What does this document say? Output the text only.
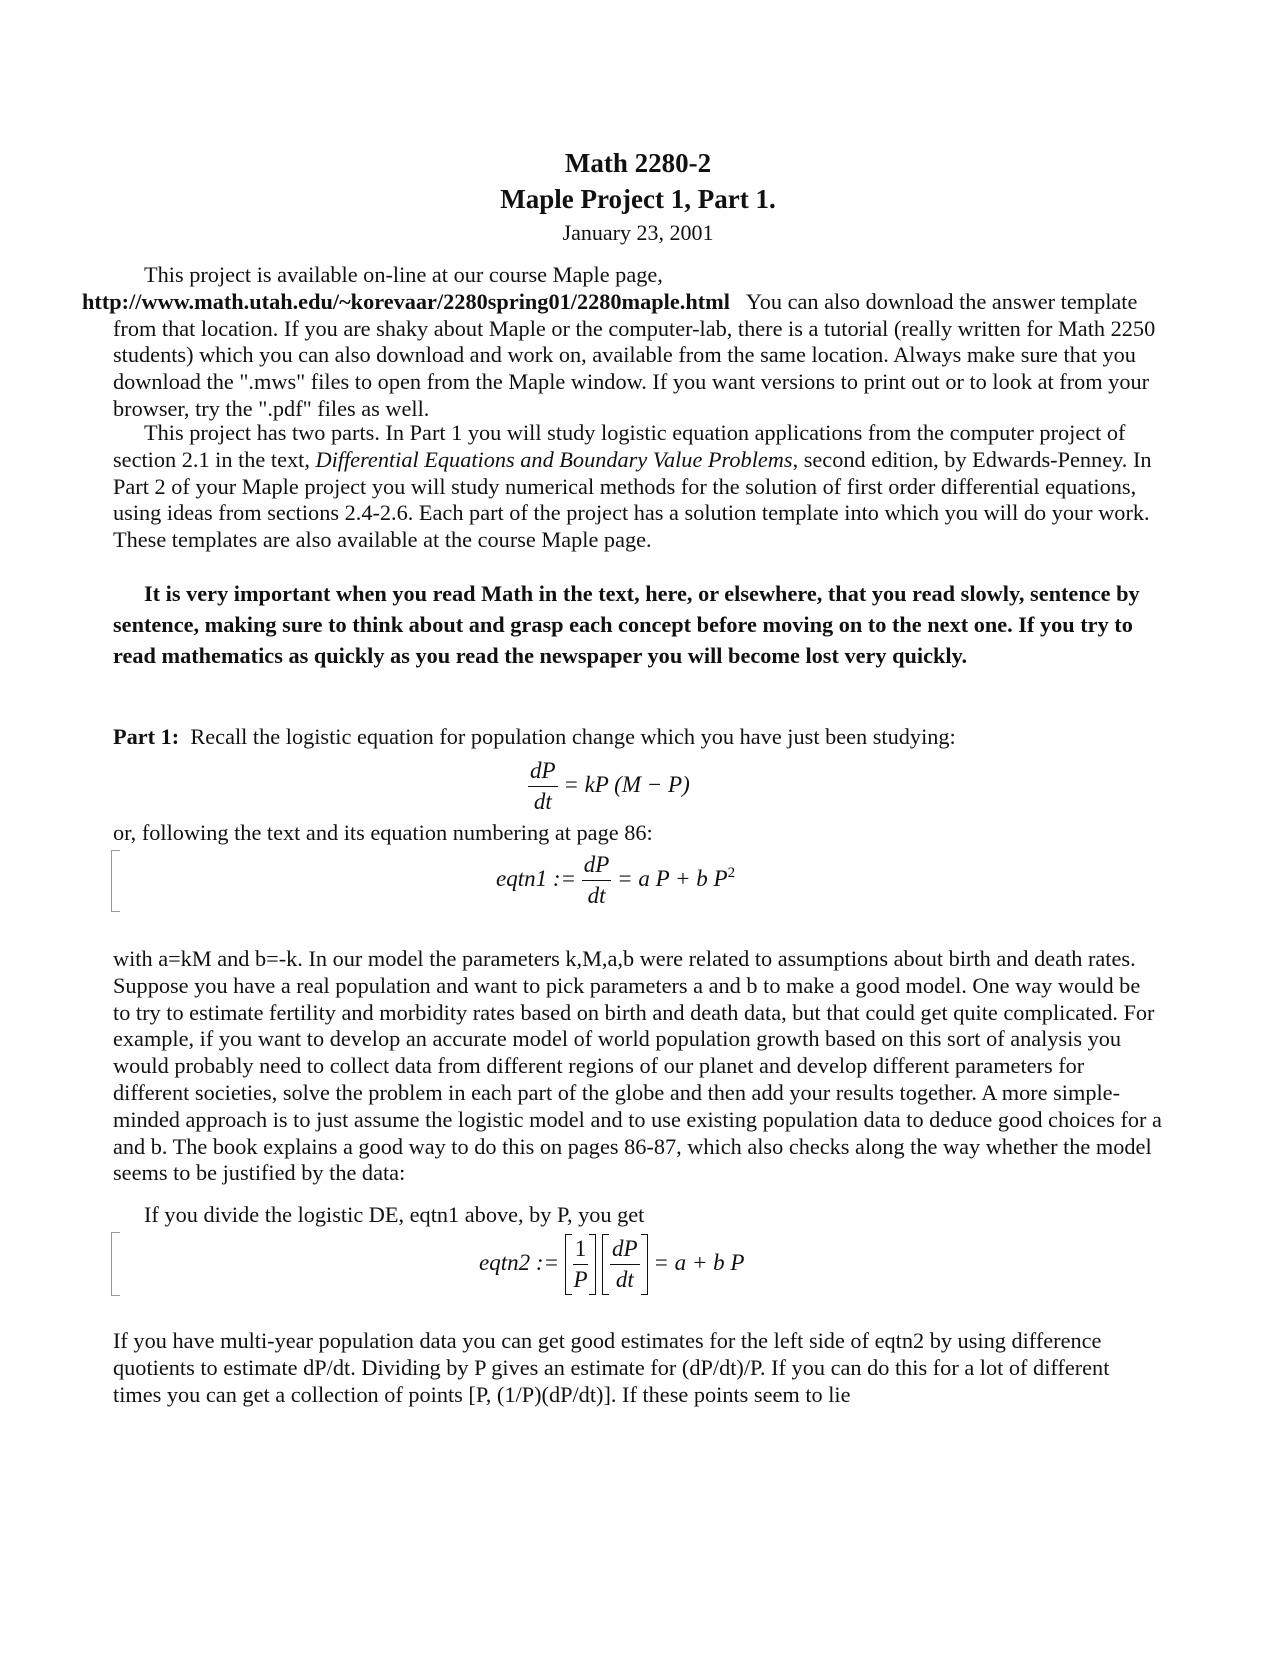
Math 2280-2
Maple Project 1, Part 1.
January 23, 2001

This project is available on-line at our course Maple page,
http://www.math.utah.edu/~korevaar/2280spring01/2280maple.html You can also download the answer template from that location. If you are shaky about Maple or the computer-lab, there is a tutorial (really written for Math 2250 students) which you can also download and work on, available from the same location. Always make sure that you download the ".mws" files to open from the Maple window. If you want versions to print out or to look at from your browser, try the ".pdf" files as well.

This project has two parts. In Part 1 you will study logistic equation applications from the computer project of section 2.1 in the text, Differential Equations and Boundary Value Problems, second edition, by Edwards-Penney. In Part 2 of your Maple project you will study numerical methods for the solution of first order differential equations, using ideas from sections 2.4-2.6. Each part of the project has a solution template into which you will do your work. These templates are also available at the course Maple page.

It is very important when you read Math in the text, here, or elsewhere, that you read slowly, sentence by sentence, making sure to think about and grasp each concept before moving on to the next one. If you try to read mathematics as quickly as you read the newspaper you will become lost very quickly.

Part 1: Recall the logistic equation for population change which you have just been studying:

$\frac{dP}{dt}$ = kP (M − P)

or, following the text and its equation numbering at page 86:

eqtn1 := $\frac{dP}{dt} = a$ P + b $P^2$

with a=kM and b=-k. In our model the parameters k,M,a,b were related to assumptions about birth and death rates. Suppose you have a real population and want to pick parameters a and b to make a good model. One way would be to try to estimate fertility and morbidity rates based on birth and death data, but that could get quite complicated. For example, if you want to develop an accurate model of world population growth based on this sort of analysis you would probably need to collect data from different regions of our planet and develop different parameters for different societies, solve the problem in each part of the globe and then add your results together. A more simple-minded approach is to just assume the logistic model and to use existing population data to deduce good choices for a and b. The book explains a good way to do this on pages 86-87, which also checks along the way whether the model seems to be justified by the data:

If you divide the logistic DE, eqtn1 above, by P, you get

eqtn2 := $\frac{1}{P}$
$\frac{dP}{dt} = a + b$ P

If you have multi-year population data you can get good estimates for the left side of eqtn2 by using difference quotients to estimate dP/dt. Dividing by P gives an estimate for (dP/dt)/P. If you can do this for a lot of different times you can get a collection of points [P, (1/P)(dP/dt)]. If these points seem to lie
